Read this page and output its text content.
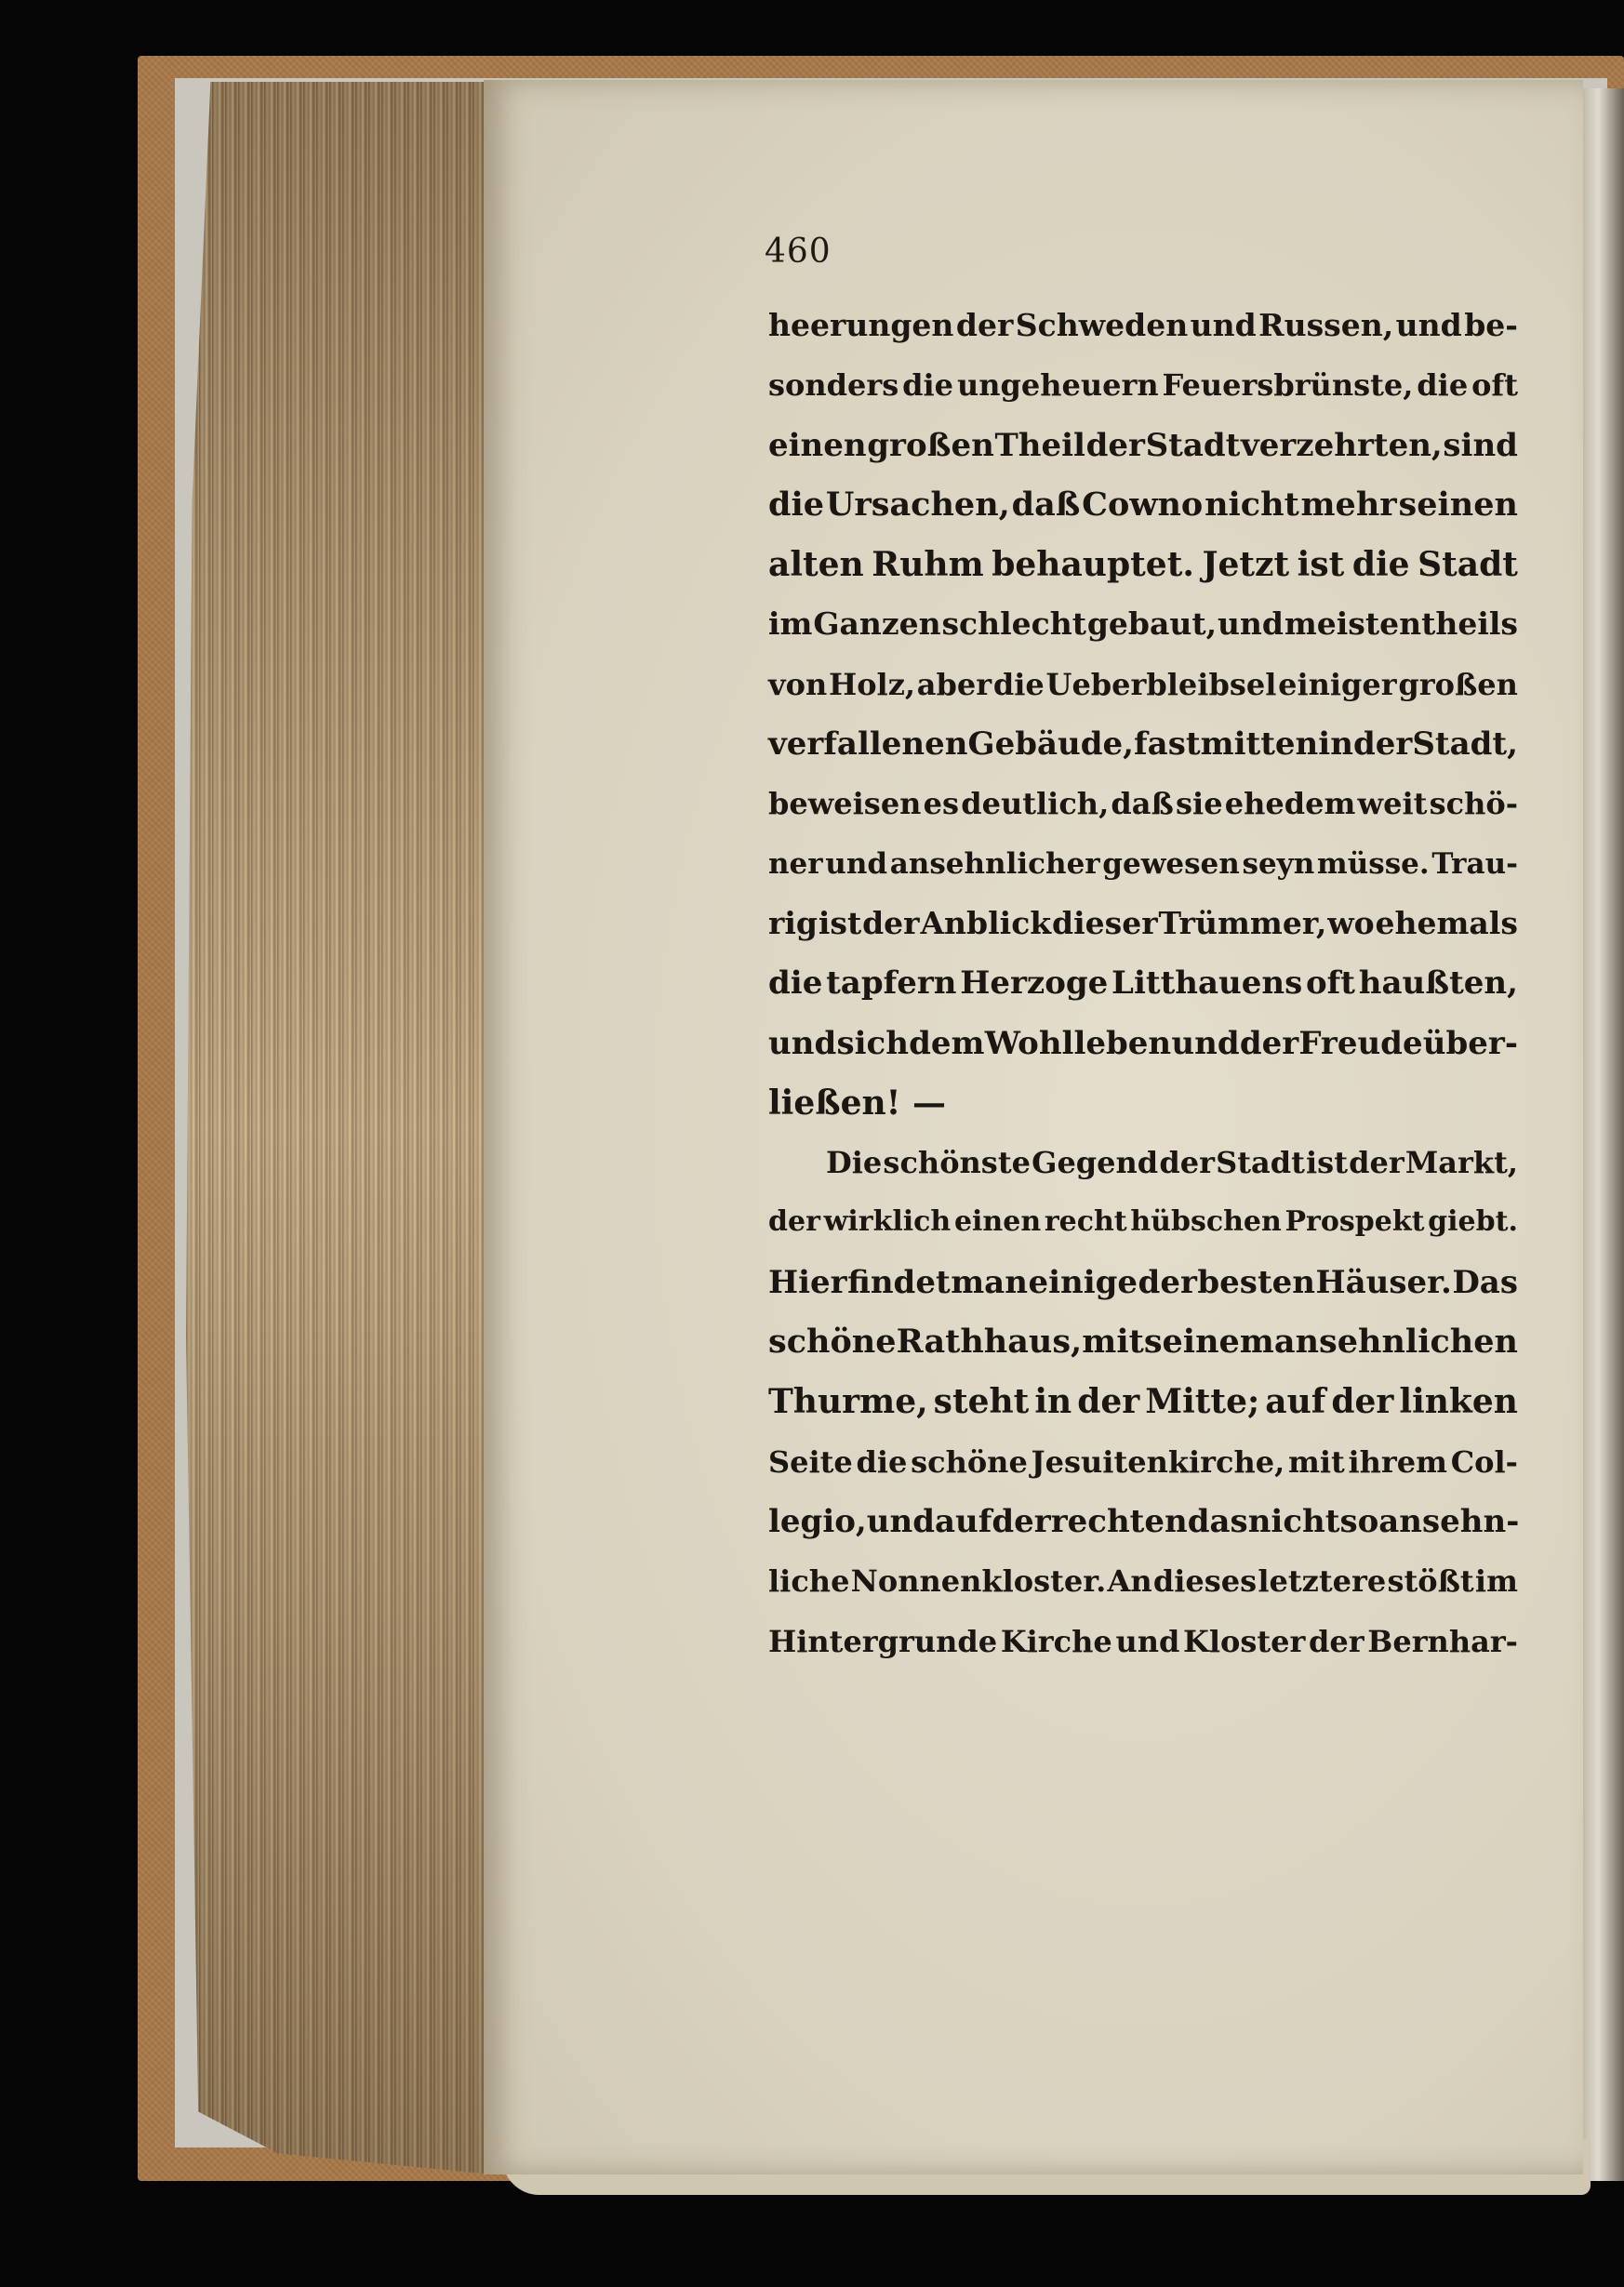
460
heerungen der Schweden und Russen, und be-
sonders die ungeheuern Feuersbrünste, die oft
einen großen Theil der Stadt verzehrten, sind
die Ursachen, daß Cowno nicht mehr seinen
alten Ruhm behauptet. Jetzt ist die Stadt
im Ganzen schlecht gebaut, und meistentheils
von Holz, aber die Ueberbleibsel einiger großen
verfallenen Gebäude, fast mitten in der Stadt,
beweisen es deutlich, daß sie ehedem weit schö-
ner und ansehnlicher gewesen seyn müsse. Trau-
rig ist der Anblick dieser Trümmer, wo ehemals
die tapfern Herzoge Litthauens oft haußten,
und sich dem Wohlleben und der Freude über-
ließen! —
Die schönste Gegend der Stadt ist der Markt,
der wirklich einen recht hübschen Prospekt giebt.
Hier findet man einige der besten Häuser. Das
schöne Rathhaus, mit seinem ansehnlichen
Thurme, steht in der Mitte; auf der linken
Seite die schöne Jesuitenkirche, mit ihrem Col-
legio, und auf der rechten das nicht so ansehn-
liche Nonnenkloster. An dieses letztere stößt im
Hintergrunde Kirche und Kloster der Bernhar-
